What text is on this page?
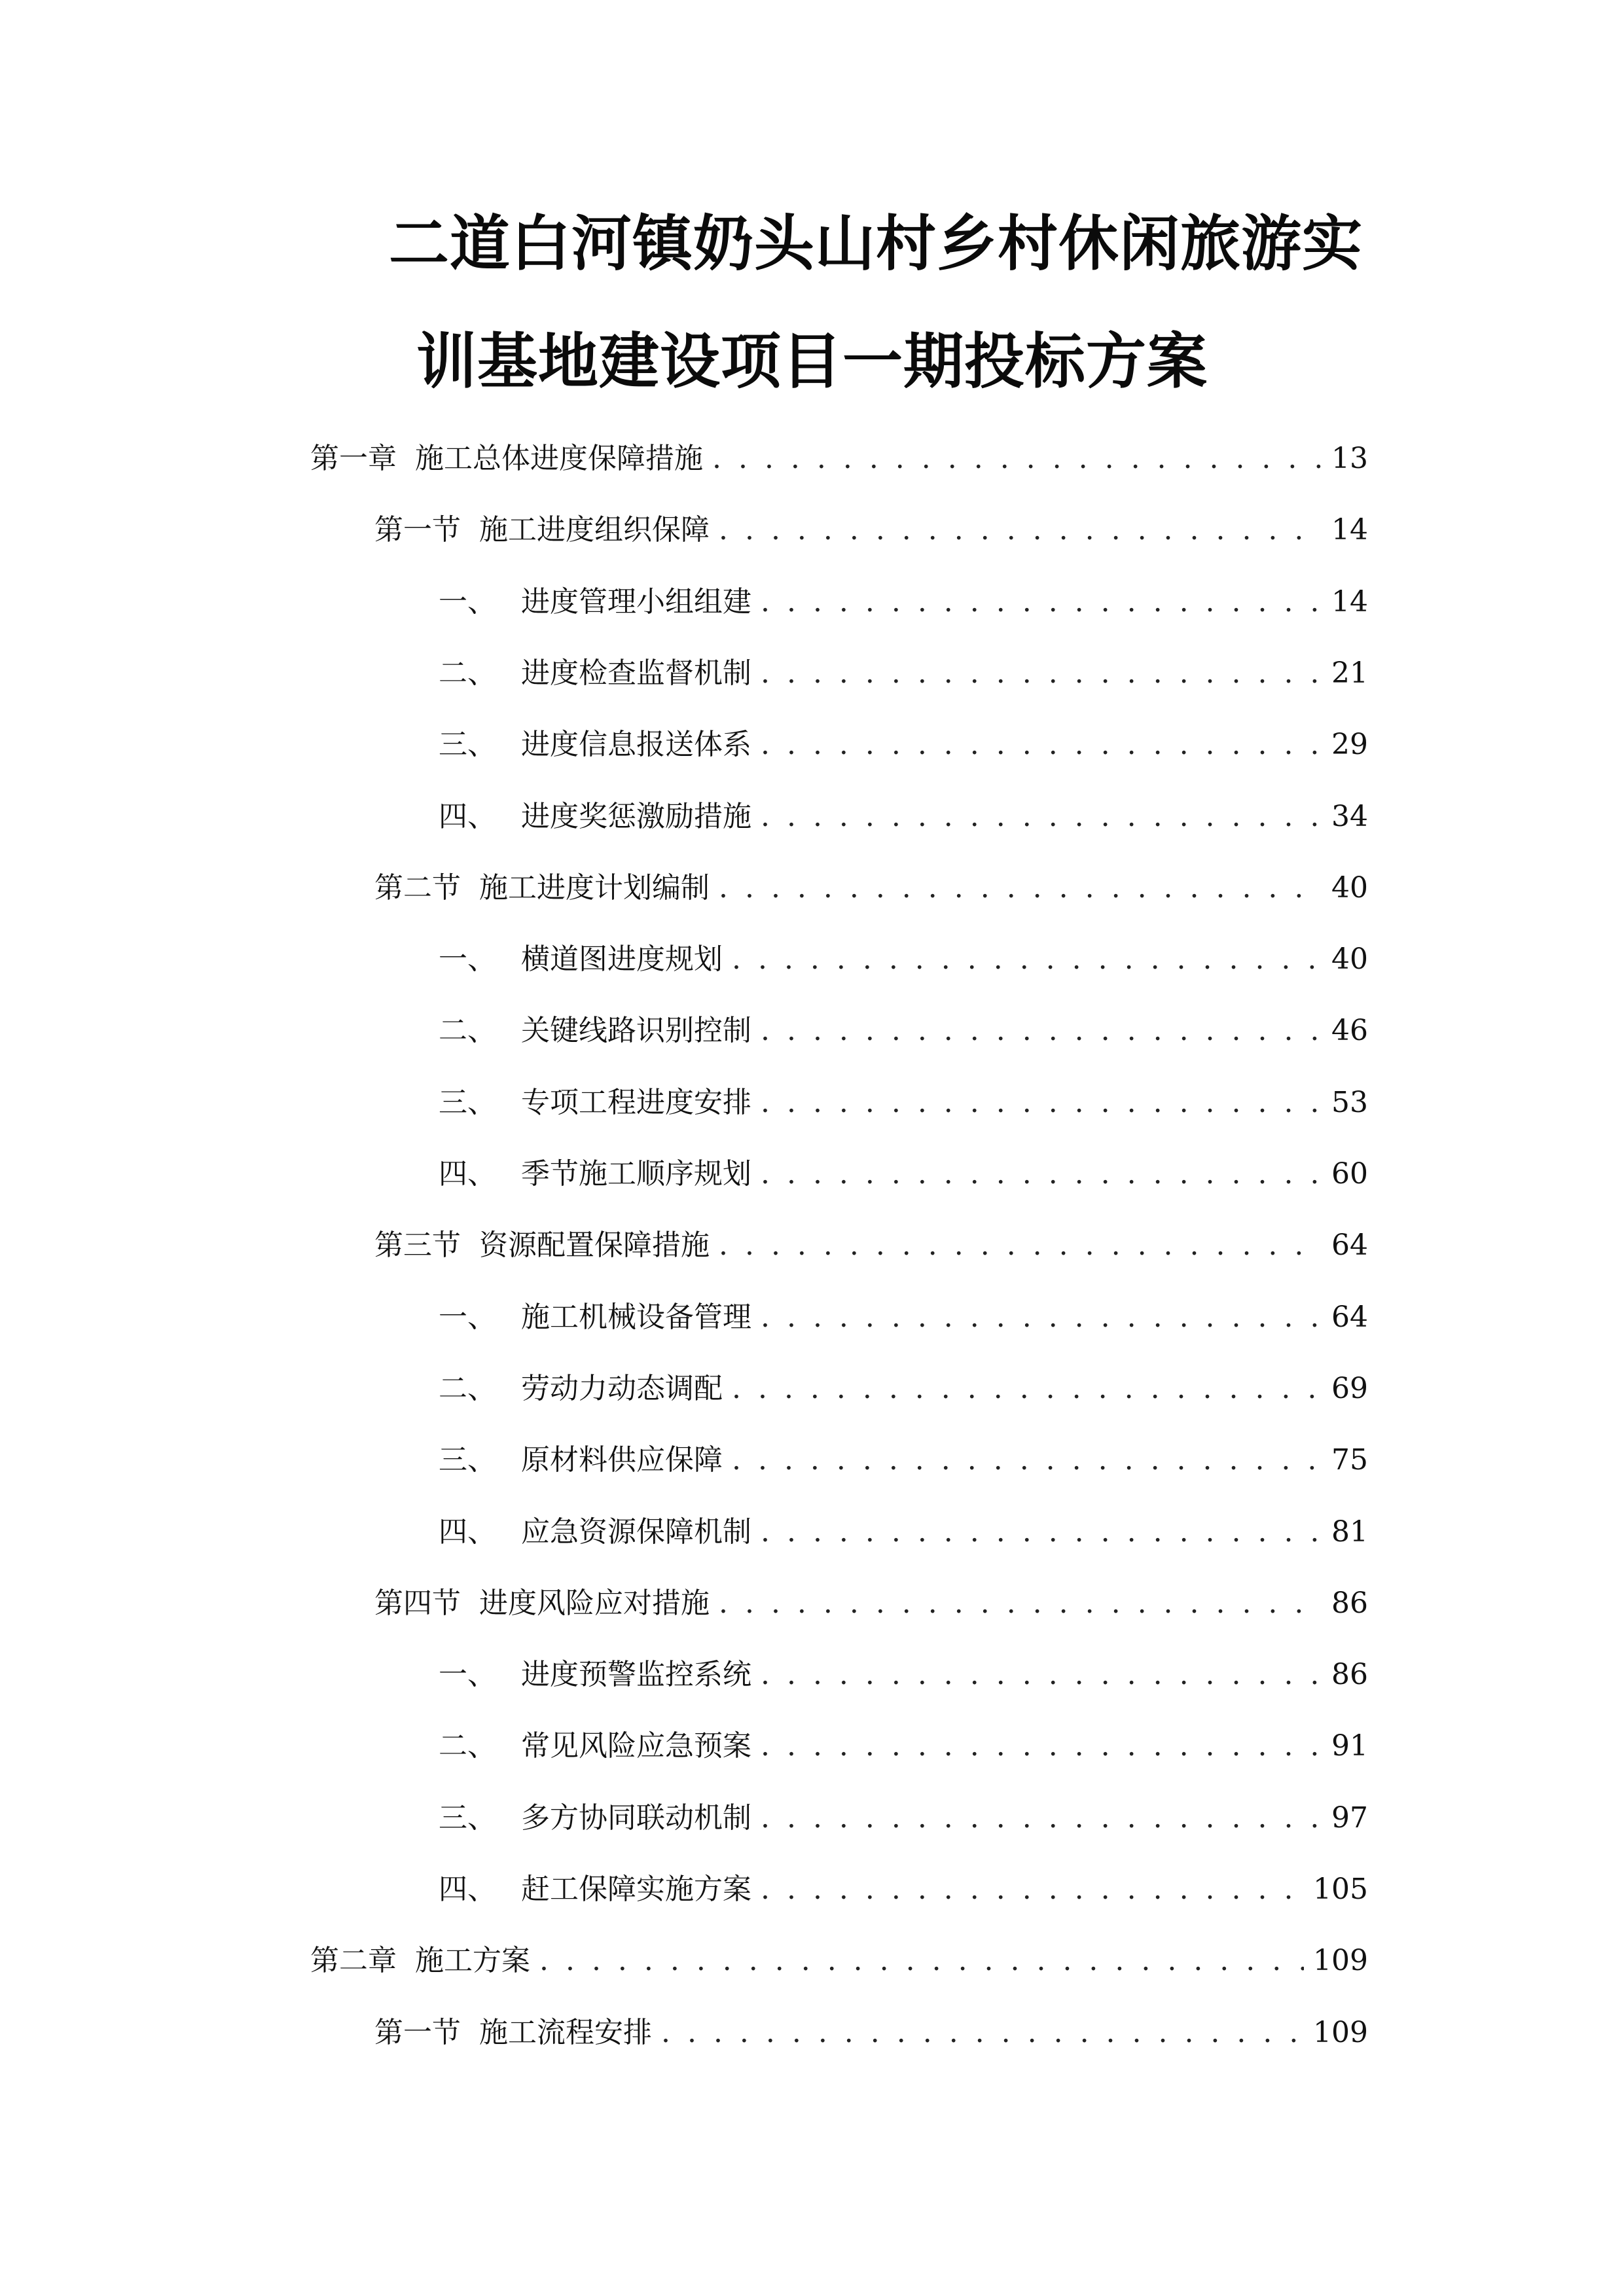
二道白河镇奶头山村乡村休闲旅游实
训基地建设项目一期投标方案
第一章 施工总体进度保障措施 . . .	13
第一节 施工进度组织保障 . . .	14
一、 进度管理小组组建 . . .	14
二、 进度检查监督机制 . . .	21
三、 进度信息报送体系 . . .	29
四、 进度奖惩激励措施 . . .	34
第二节 施工进度计划编制 . . .	40
一、 横道图进度规划 . . .	40
二、 关键线路识别控制 . . .	46
三、 专项工程进度安排 . . .	53
四、 季节施工顺序规划 . . .	60
第三节 资源配置保障措施 . . .	64
一、 施工机械设备管理 . . .	64
二、 劳动力动态调配 . . .	69
三、 原材料供应保障 . . .	75
四、 应急资源保障机制 . . .	81
第四节 进度风险应对措施 . . .	86
一、 进度预警监控系统 . . .	86
二、 常见风险应急预案 . . .	91
三、 多方协同联动机制 . . .	97
四、 赶工保障实施方案 . . .	105
第二章 施工方案 . . .	109
第一节 施工流程安排 . . .	109
